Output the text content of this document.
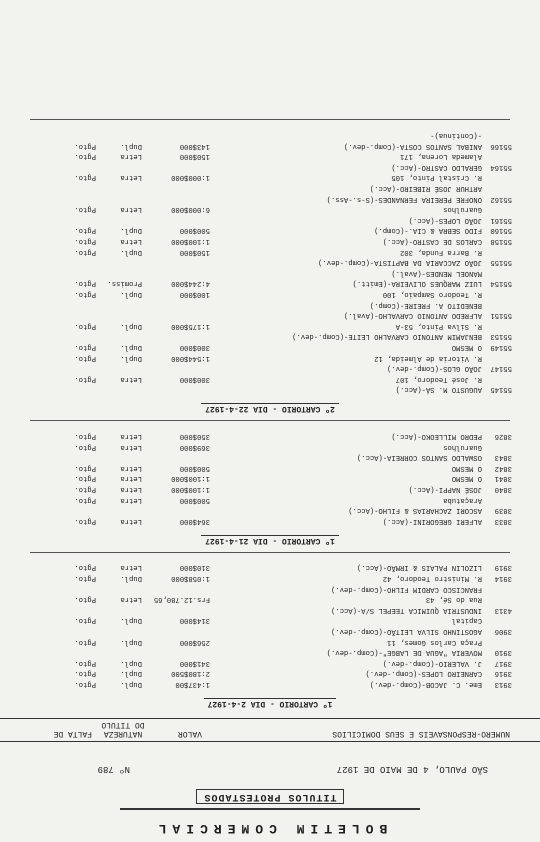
BOLETIM COMERCIAL
TITULOS PROTESTADOS
SÃO PAULO, 4 DE MAIO DE 1927
Nº 789
NUMERO-RESPONSAVEIS E SEUS DOMICILIOS
VALOR
NATUREZA DO TITULO
FALTA DE
1º CARTORIO - DIA 2-4-1927
3913
Eme. C. JACOB-(Comp.-dev.)
1:437$00
Dupl.
Pgto.
3916
CARNEIRO LOPES-(Comp.-dev.)
2:180$500
Dupl.
Pgto.
3917
J. VALERIO-(Comp.-dev.)
341$000
Dupl.
Pgto.
3910
MOVERIA "AGUA DE LABGE"-(Comp.-dev.)
Praça Carlos Gomes, 11
256$000
Dupl.
Pgto.
3906
AGOSTINHO SILVA LEITÃO-(Comp.-dev.)
Capital
314$000
Dupl.
Pgto.
4313
INDUSTRIA QUIMICA TEEPEL S/A-(Acc.)
Rua do Sé, 43
Frs.12.780,65
Letra
Pgto.
FRANCISCO CARDIM FILHO-(Comp.-dev.)
3914
R. Ministro Teodoro, 42
1:058$000
Dupl.
Pgto.
3919
LIZOLIN PALAIS & IRMÃO-(Acc.)
310$000
Letra
Pgto.
1º CARTORIO - DIA 21-4-1927
3833
ALFERI GREGORINI-(Acc.)
364$000
Letra
Pgto.
3839
ASCORI ZACHARIAS & FILHO-(Acc.)
Araçatuba
500$000
Letra
Pgto.
3840
JOSÉ NAPPI-(Acc.)
1:100$000
Letra
Pgto.
3841
O MESMO
1:100$000
Letra
Pgto.
3842
O MESMO
500$000
Letra
Pgto.
3843
OSWALDO SANTOS CORREIA-(Acc.)
Guarulhos
369$000
Letra
Pgto.
3826
PEDRO MILLEOKO-(Acc.)
350$000
Letra
Pgto.
2º CARTORIO - DIA 22-4-1927
55145
AUGUSTO M. SÁ-(Acc.)
R. José Teodoro, 107
300$000
Letra
Pgto.
55147
JOÃO GLOS-(Comp.-dev.)
R. Vitoria de Almeida, 12
1:544$000
Dupl.
Pgto.
55149
O MESMO
300$000
Dupl.
Pgto.
55153
BENJAMIM ANTONIO CARVALHO LEITE-(Comp.-dev.)
R. Silva Pinto, 53-A
1:175$000
Dupl.
Pgto.
55151
ALFREDO ANTONIO CARVALHO-(Aval.)
BENEDITO A. FREIRE-(Comp.)
R. Teodoro Sampaio, 100
100$000
Dupl.
Pgto.
55154
LUIZ MARQUES OLIVEIRA-(Emitt.)
4:244$000
Promiss.
Pgto.
MANOEL MENDES-(Aval.)
55155
JOÃO ZACCARIA DA BAPTISTA-(Comp.-dev.)
R. Barra Funda, 302
150$000
Dupl.
Pgto.
55158
CARLOS DE CASTRO-(Acc.)
1:100$000
Letra
Pgto.
55160
FIDO SEBRA & CIA.-(Comp.)
500$000
Dupl.
Pgto.
55161
JOÃO LOPES-(Acc.)
Guarulhos
6:000$000
Letra
Pgto.
55162
ONOFRE PEREIRA FERNANDES-(S-s.-Ass.)
ARTHUR JOSÉ RIBEIRO-(Acc.)
R. Cristal Pinto, 105
1:000$000
Letra
Pgto.
55164
GERALDO CASTRO-(Acc.)
Alameda Lorena, 171
150$000
Letra
Pgto.
55166
ANIBAL SANTOS COSTA-(Comp.-dev.)
143$000
Dupl.
Pgto.
-(Continua)-
